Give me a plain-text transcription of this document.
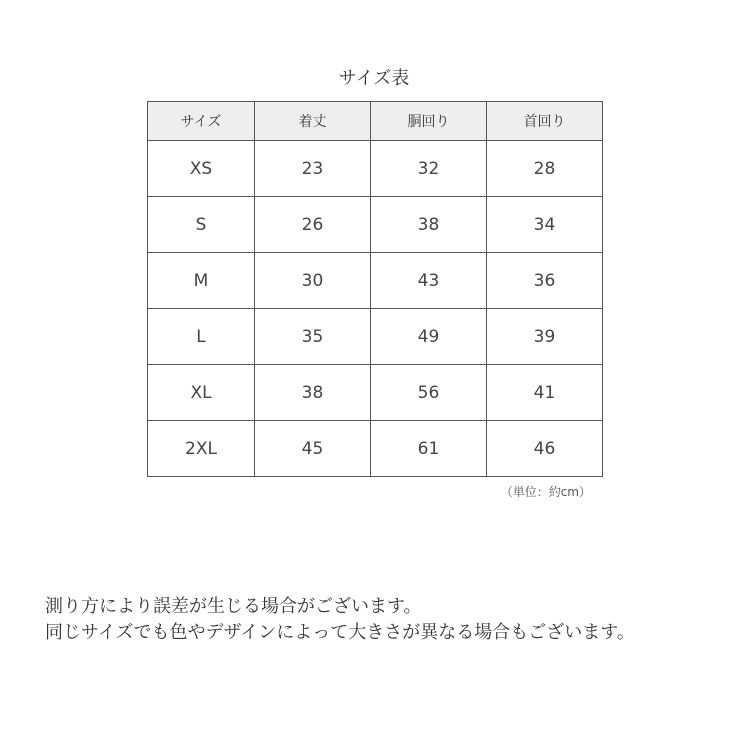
サイズ表
サイズ	着丈	胴回り	首回り
XS	23	32	28
S	26	38	34
M	30	43	36
L	35	49	39
XL	38	56	41
2XL	45	61	46
（単位：約cm）

測り方により誤差が生じる場合がございます。

同じサイズでも色やデザインによって大きさが異なる場合もございます。
